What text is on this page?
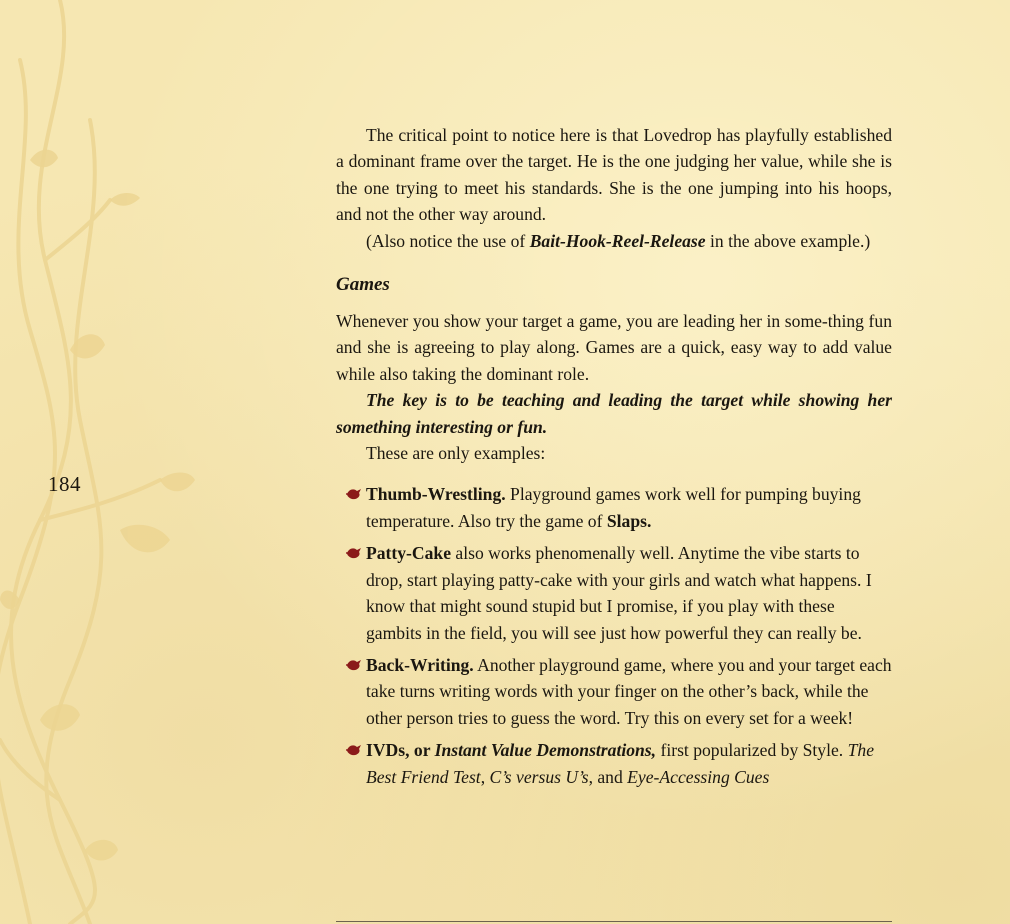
184

The critical point to notice here is that Lovedrop has playfully established a dominant frame over the target. He is the one judging her value, while she is the one trying to meet his standards. She is the one jumping into his hoops, and not the other way around.

(Also notice the use of Bait-Hook-Reel-Release in the above example.)

Games

Whenever you show your target a game, you are leading her in some-thing fun and she is agreeing to play along. Games are a quick, easy way to add value while also taking the dominant role.

The key is to be teaching and leading the target while showing her something interesting or fun.

These are only examples:

Thumb-Wrestling. Playground games work well for pumping buying temperature. Also try the game of Slaps.
Patty-Cake also works phenomenally well. Anytime the vibe starts to drop, start playing patty-cake with your girls and watch what happens. I know that might sound stupid but I promise, if you play with these gambits in the field, you will see just how powerful they can really be.
Back-Writing. Another playground game, where you and your target each take turns writing words with your finger on the other’s back, while the other person tries to guess the word. Try this on every set for a week!
IVDs, or Instant Value Demonstrations, first popularized by Style. The Best Friend Test, C’s versus U’s, and Eye-Accessing Cues
